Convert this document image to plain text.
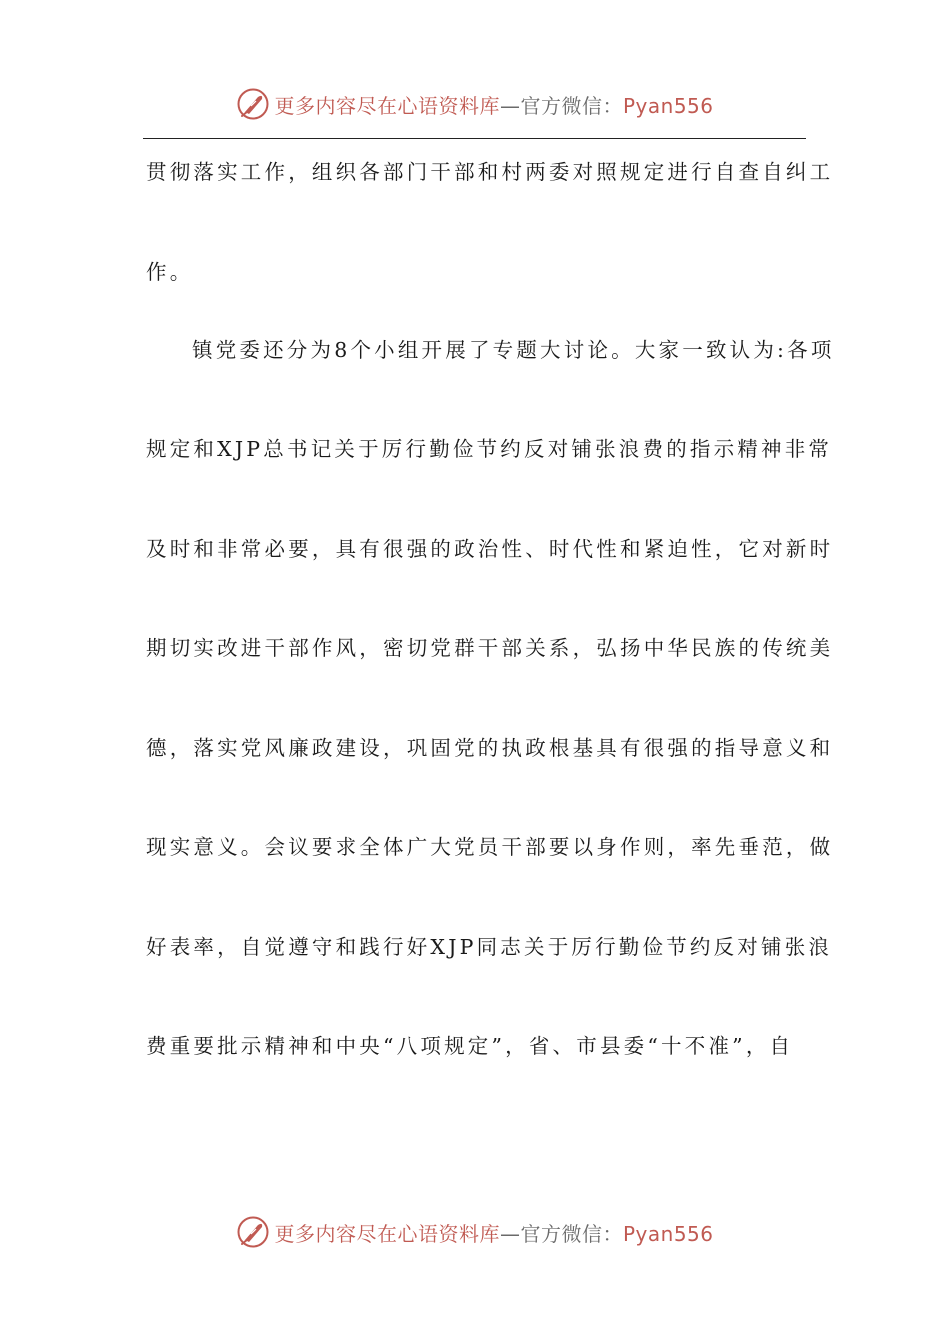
更多内容尽在心语资料库—官方微信：Pyan556
贯彻落实工作，组织各部门干部和村两委对照规定进行自查自纠工
作。
镇党委还分为8个小组开展了专题大讨论。大家一致认为:各项
规定和XJP总书记关于厉行勤俭节约反对铺张浪费的指示精神非常
及时和非常必要，具有很强的政治性、时代性和紧迫性，它对新时
期切实改进干部作风，密切党群干部关系，弘扬中华民族的传统美
德，落实党风廉政建设，巩固党的执政根基具有很强的指导意义和
现实意义。会议要求全体广大党员干部要以身作则，率先垂范，做
好表率，自觉遵守和践行好XJP同志关于厉行勤俭节约反对铺张浪
费重要批示精神和中央“八项规定”，省、市县委“十不准”，自
更多内容尽在心语资料库—官方微信：Pyan556
